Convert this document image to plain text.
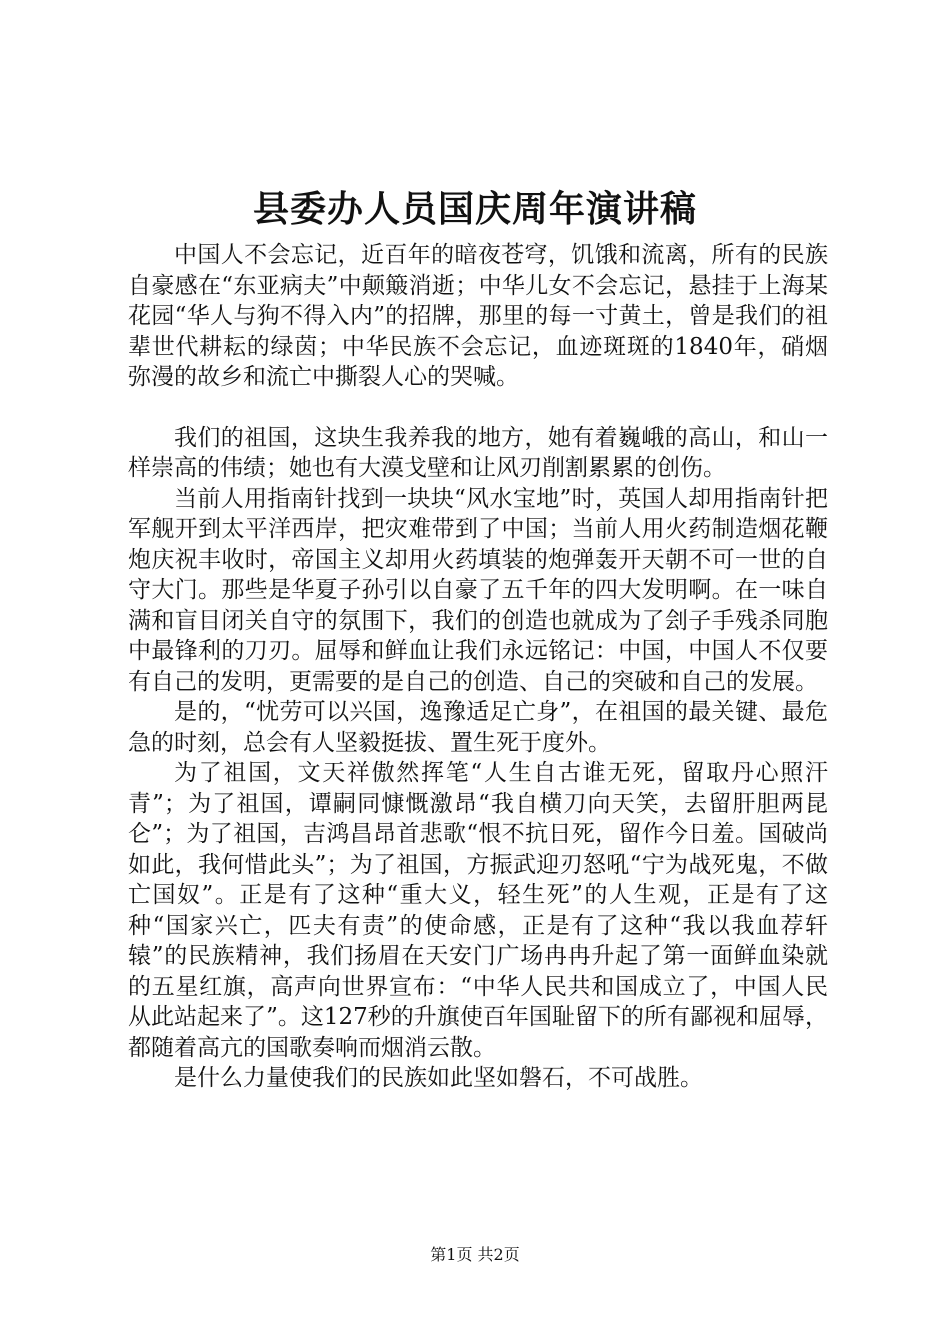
县委办人员国庆周年演讲稿

中国人不会忘记，近百年的暗夜苍穹，饥饿和流离，所有的民族自豪感在“东亚病夫”中颠簸消逝；中华儿女不会忘记，悬挂于上海某花园“华人与狗不得入内”的招牌，那里的每一寸黄土，曾是我们的祖辈世代耕耘的绿茵；中华民族不会忘记，血迹斑斑的1840年，硝烟弥漫的故乡和流亡中撕裂人心的哭喊。

我们的祖国，这块生我养我的地方，她有着巍峨的高山，和山一样崇高的伟绩；她也有大漠戈壁和让风刃削割累累的创伤。

当前人用指南针找到一块块“风水宝地”时，英国人却用指南针把军舰开到太平洋西岸，把灾难带到了中国；当前人用火药制造烟花鞭炮庆祝丰收时，帝国主义却用火药填装的炮弹轰开天朝不可一世的自守大门。那些是华夏子孙引以自豪了五千年的四大发明啊。在一味自满和盲目闭关自守的氛围下，我们的创造也就成为了刽子手残杀同胞中最锋利的刀刃。屈辱和鲜血让我们永远铭记：中国，中国人不仅要有自己的发明，更需要的是自己的创造、自己的突破和自己的发展。

是的，“忧劳可以兴国，逸豫适足亡身”，在祖国的最关键、最危急的时刻，总会有人坚毅挺拔、置生死于度外。

为了祖国，文天祥傲然挥笔“人生自古谁无死，留取丹心照汗青”；为了祖国，谭嗣同慷慨激昂“我自横刀向天笑，去留肝胆两昆仑”；为了祖国，吉鸿昌昂首悲歌“恨不抗日死，留作今日羞。国破尚如此，我何惜此头”；为了祖国，方振武迎刃怒吼“宁为战死鬼，不做亡国奴”。正是有了这种“重大义，轻生死”的人生观，正是有了这种“国家兴亡，匹夫有责”的使命感，正是有了这种“我以我血荐轩辕”的民族精神，我们扬眉在天安门广场冉冉升起了第一面鲜血染就的五星红旗，高声向世界宣布：“中华人民共和国成立了，中国人民从此站起来了”。这127秒的升旗使百年国耻留下的所有鄙视和屈辱，都随着高亢的国歌奏响而烟消云散。

是什么力量使我们的民族如此坚如磐石，不可战胜。

第1页 共2页
